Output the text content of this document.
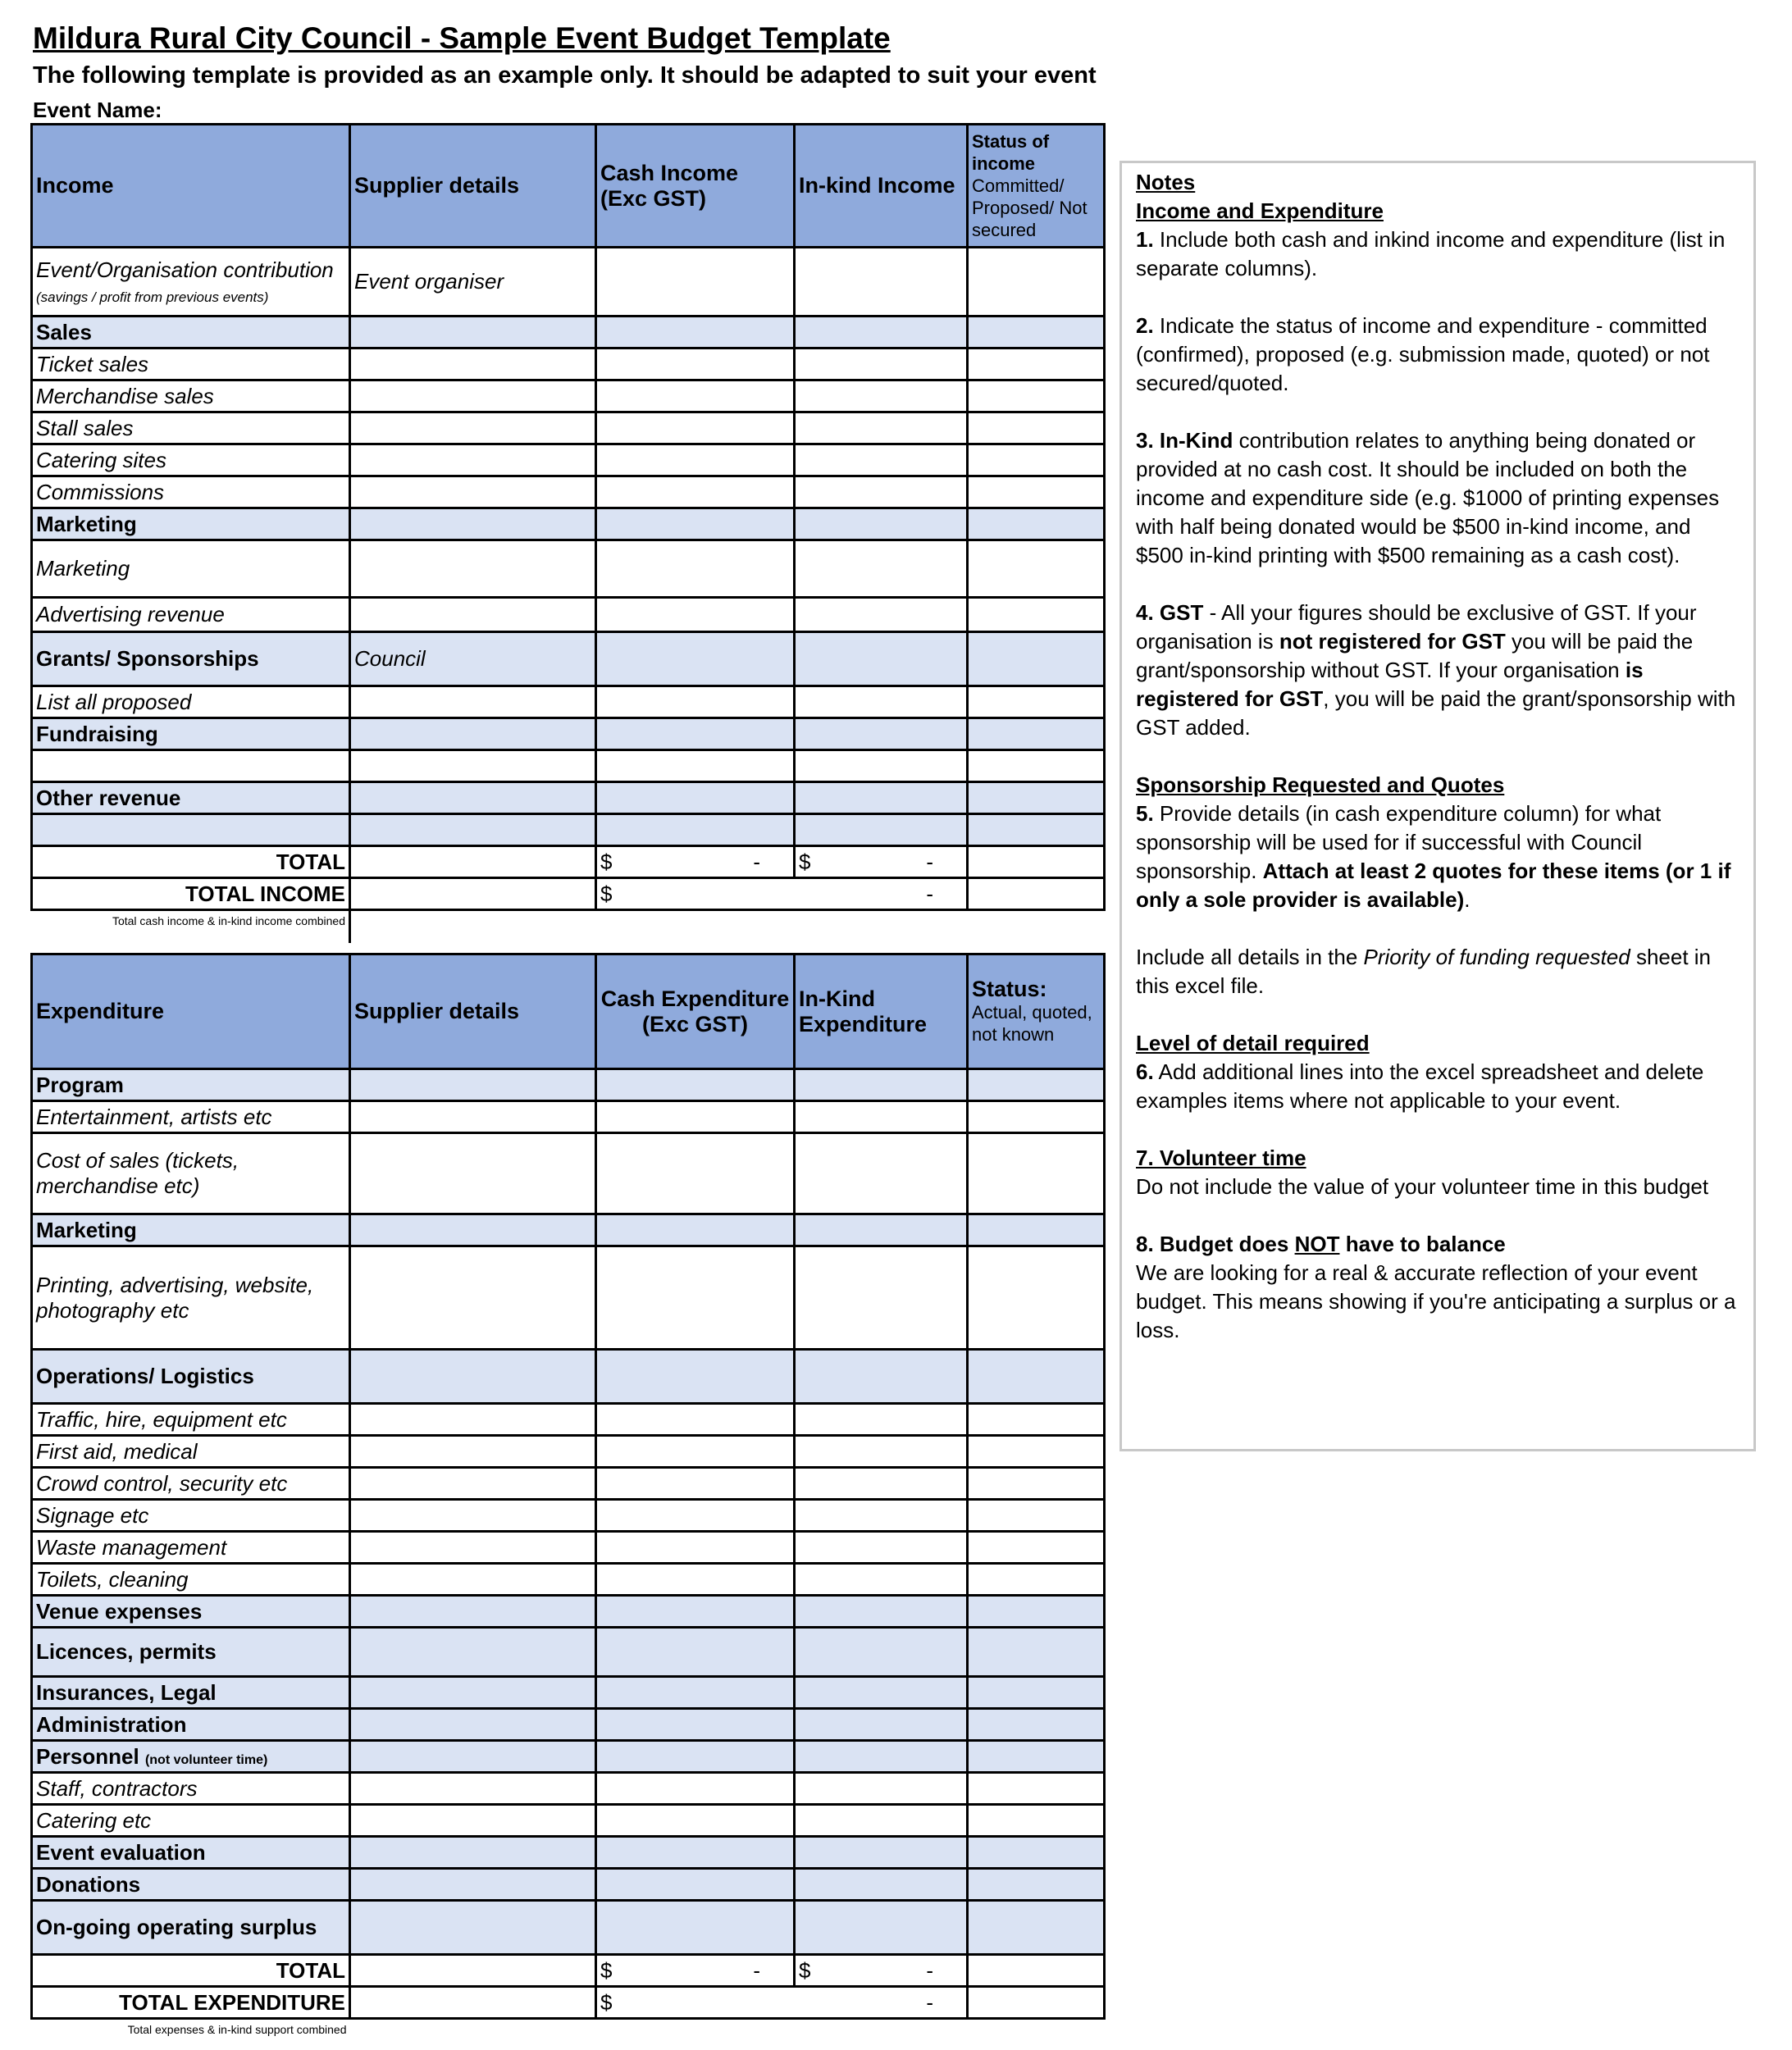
Mildura Rural City Council - Sample Event Budget Template
The following template is provided as an example only. It should be adapted to suit your event
Event Name:
Income	Supplier details	Cash Income (Exc GST)	In-kind Income	Status of income
Committed/ Proposed/ Not secured
Event/Organisation contribution
(savings / profit from previous events)	Event organiser			
Sales				
Ticket sales				
Merchandise sales				
Stall sales				
Catering sites				
Commissions				
Marketing				
Marketing				
Advertising revenue				
Grants/ Sponsorships	Council			
List all proposed				
Fundraising				

Other revenue				

TOTAL		$ -	$ -	

TOTAL INCOME		$ -		

Total cash income & in-kind income combined				
Expenditure	Supplier details	Cash Expenditure (Exc GST)	In-Kind Expenditure	Status:
Actual, quoted, not known
Program				
Entertainment, artists etc				
Cost of sales (tickets, merchandise etc)				
Marketing				
Printing, advertising, website, photography etc				
Operations/ Logistics				
Traffic, hire, equipment etc				
First aid, medical				
Crowd control, security etc				
Signage etc				
Waste management				
Toilets, cleaning				
Venue expenses				
Licences, permits				
Insurances, Legal				
Administration				
Personnel (not volunteer time)				
Staff, contractors				
Catering etc				
Event evaluation				
Donations				
On-going operating surplus				
TOTAL		$ -	$ -	

TOTAL EXPENDITURE		$ -		

Total expenses & in-kind support combined				

Notes

Income and Expenditure

1. Include both cash and inkind income and expenditure (list in separate columns).

2. Indicate the status of income and expenditure - committed (confirmed), proposed (e.g. submission made, quoted) or not secured/quoted.

3. In-Kind contribution relates to anything being donated or provided at no cash cost. It should be included on both the income and expenditure side (e.g. $1000 of printing expenses with half being donated would be $500 in-kind income, and $500 in-kind printing with $500 remaining as a cash cost).

4. GST - All your figures should be exclusive of GST. If your organisation is not registered for GST you will be paid the grant/sponsorship without GST. If your organisation is registered for GST, you will be paid the grant/sponsorship with GST added.

Sponsorship Requested and Quotes

5. Provide details (in cash expenditure column) for what sponsorship will be used for if successful with Council sponsorship. Attach at least 2 quotes for these items (or 1 if only a sole provider is available).

Include all details in the Priority of funding requested sheet in this excel file.

Level of detail required

6. Add additional lines into the excel spreadsheet and delete examples items where not applicable to your event.

7. Volunteer time

Do not include the value of your volunteer time in this budget

8. Budget does NOT have to balance

We are looking for a real & accurate reflection of your event budget. This means showing if you're anticipating a surplus or a loss.
